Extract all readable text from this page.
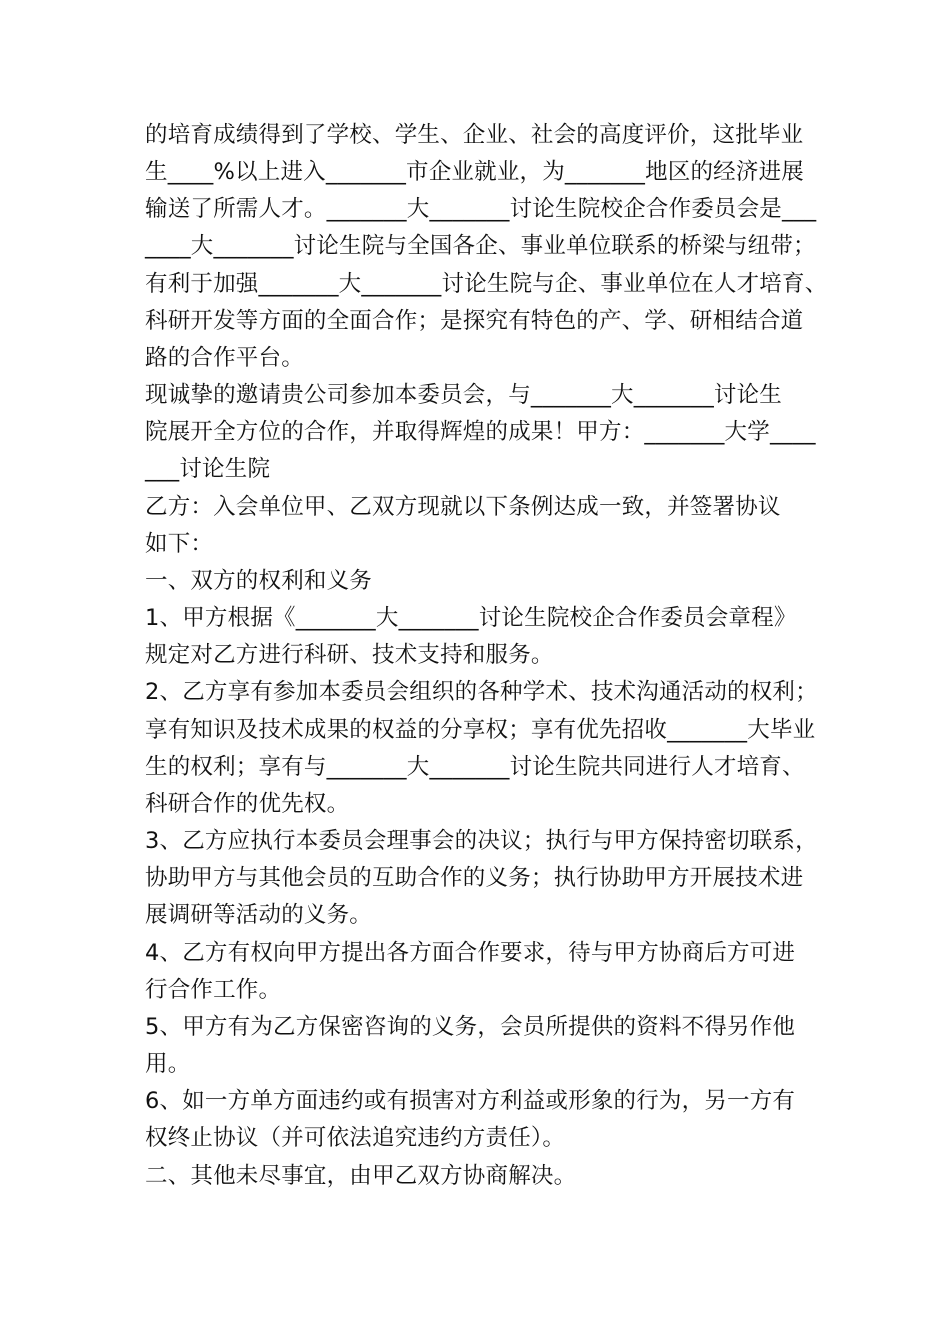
的培育成绩得到了学校、学生、企业、社会的高度评价，这批毕业
生____%以上进入_______市企业就业，为_______地区的经济进展
输送了所需人才。_______大_______讨论生院校企合作委员会是___
____大_______讨论生院与全国各企、事业单位联系的桥梁与纽带；
有利于加强_______大_______讨论生院与企、事业单位在人才培育、
科研开发等方面的全面合作；是探究有特色的产、学、研相结合道
路的合作平台。
现诚挚的邀请贵公司参加本委员会，与_______大_______讨论生
院展开全方位的合作，并取得辉煌的成果！甲方：_______大学____
___讨论生院
乙方：入会单位甲、乙双方现就以下条例达成一致，并签署协议
如下：
一、双方的权利和义务
1、甲方根据《_______大_______讨论生院校企合作委员会章程》
规定对乙方进行科研、技术支持和服务。
2、乙方享有参加本委员会组织的各种学术、技术沟通活动的权利；
享有知识及技术成果的权益的分享权；享有优先招收_______大毕业
生的权利；享有与_______大_______讨论生院共同进行人才培育、
科研合作的优先权。
3、乙方应执行本委员会理事会的决议；执行与甲方保持密切联系，
协助甲方与其他会员的互助合作的义务；执行协助甲方开展技术进
展调研等活动的义务。
4、乙方有权向甲方提出各方面合作要求，待与甲方协商后方可进
行合作工作。
5、甲方有为乙方保密咨询的义务，会员所提供的资料不得另作他
用。
6、如一方单方面违约或有损害对方利益或形象的行为，另一方有
权终止协议（并可依法追究违约方责任）。
二、其他未尽事宜，由甲乙双方协商解决。
